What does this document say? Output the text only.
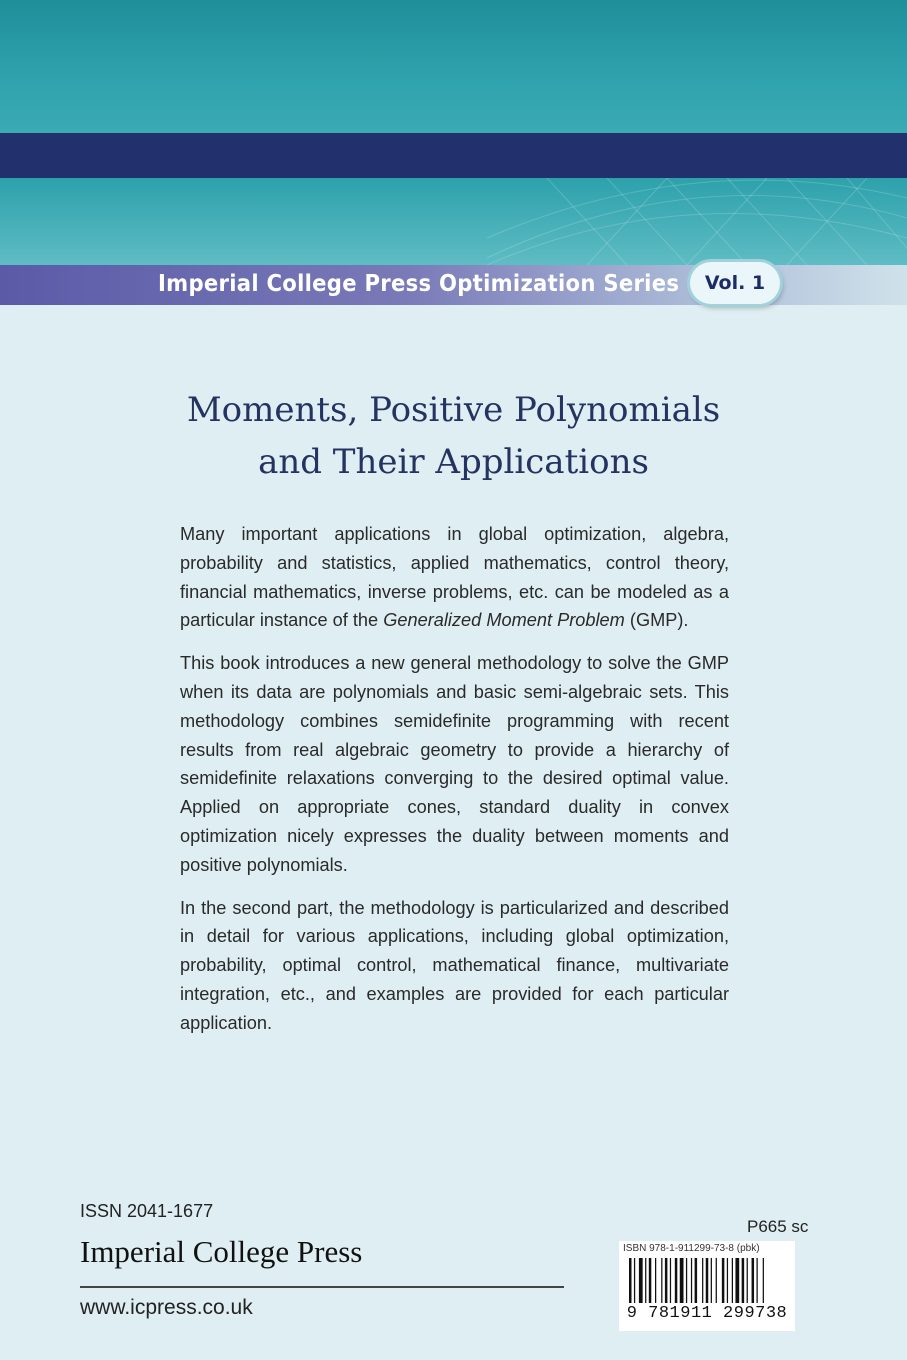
Imperial College Press Optimization Series	Vol. 1
Moments, Positive Polynomials
and Their Applications

Many important applications in global optimization, algebra, probability and statistics, applied mathematics, control theory, financial mathematics, inverse problems, etc. can be modeled as a particular instance of the Generalized Moment Problem (GMP).

This book introduces a new general methodology to solve the GMP when its data are polynomials and basic semi-algebraic sets. This methodology combines semidefinite programming with recent results from real algebraic geometry to provide a hierarchy of semidefinite relaxations converging to the desired optimal value. Applied on appropriate cones, standard duality in convex optimization nicely expresses the duality between moments and positive polynomials.

In the second part, the methodology is particularized and described in detail for various applications, including global optimization, probability, optimal control, mathematical finance, multivariate integration, etc., and examples are provided for each particular application.

ISSN 2041-1677
Imperial College Press
www.icpress.co.uk
P665 sc
ISBN 978-1-911299-73-8 (pbk)
9 781911 299738
